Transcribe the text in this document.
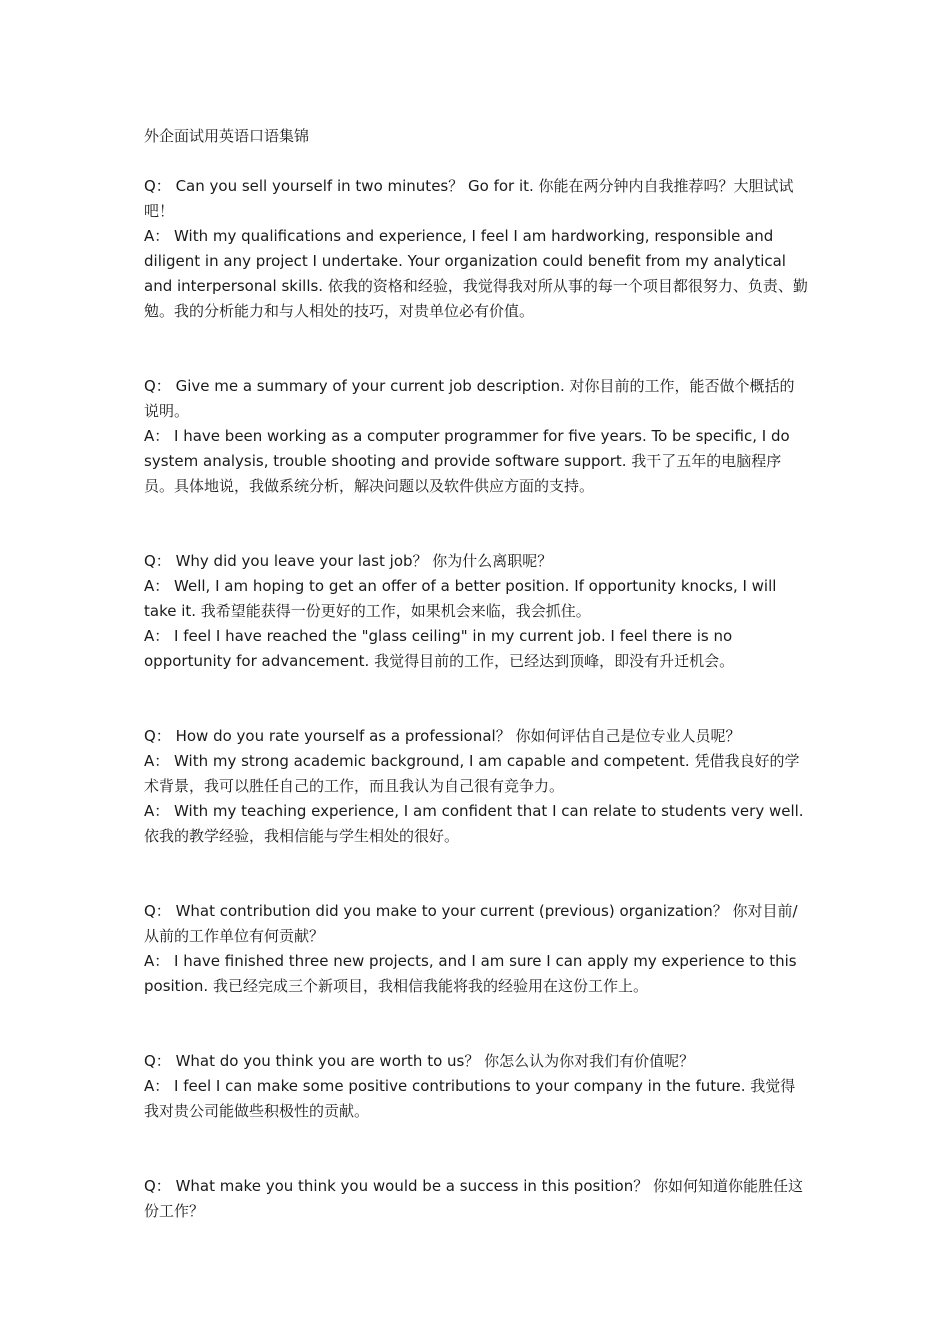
外企面试用英语口语集锦

Q： Can you sell yourself in two minutes？ Go for it. 你能在两分钟内自我推荐吗？大胆试试吧！

A： With my qualifications and experience, I feel I am hardworking, responsible and diligent in any project I undertake. Your organization could benefit from my analytical and interpersonal skills. 依我的资格和经验，我觉得我对所从事的每一个项目都很努力、负责、勤勉。我的分析能力和与人相处的技巧，对贵单位必有价值。

Q： Give me a summary of your current job description. 对你目前的工作，能否做个概括的说明。

A： I have been working as a computer programmer for five years. To be specific, I do system analysis, trouble shooting and provide software support. 我干了五年的电脑程序员。具体地说，我做系统分析，解决问题以及软件供应方面的支持。

Q： Why did you leave your last job？ 你为什么离职呢？

A： Well, I am hoping to get an offer of a better position. If opportunity knocks, I will take it. 我希望能获得一份更好的工作，如果机会来临，我会抓住。

A： I feel I have reached the "glass ceiling" in my current job. I feel there is no opportunity for advancement. 我觉得目前的工作，已经达到顶峰，即没有升迁机会。

Q： How do you rate yourself as a professional？ 你如何评估自己是位专业人员呢？

A： With my strong academic background, I am capable and competent. 凭借我良好的学术背景，我可以胜任自己的工作，而且我认为自己很有竞争力。

A： With my teaching experience, I am confident that I can relate to students very well. 依我的教学经验，我相信能与学生相处的很好。

Q： What contribution did you make to your current (previous) organization？ 你对目前/从前的工作单位有何贡献？

A： I have finished three new projects, and I am sure I can apply my experience to this position. 我已经完成三个新项目，我相信我能将我的经验用在这份工作上。

Q： What do you think you are worth to us？ 你怎么认为你对我们有价值呢？

A： I feel I can make some positive contributions to your company in the future. 我觉得我对贵公司能做些积极性的贡献。

Q： What make you think you would be a success in this position？ 你如何知道你能胜任这份工作？
